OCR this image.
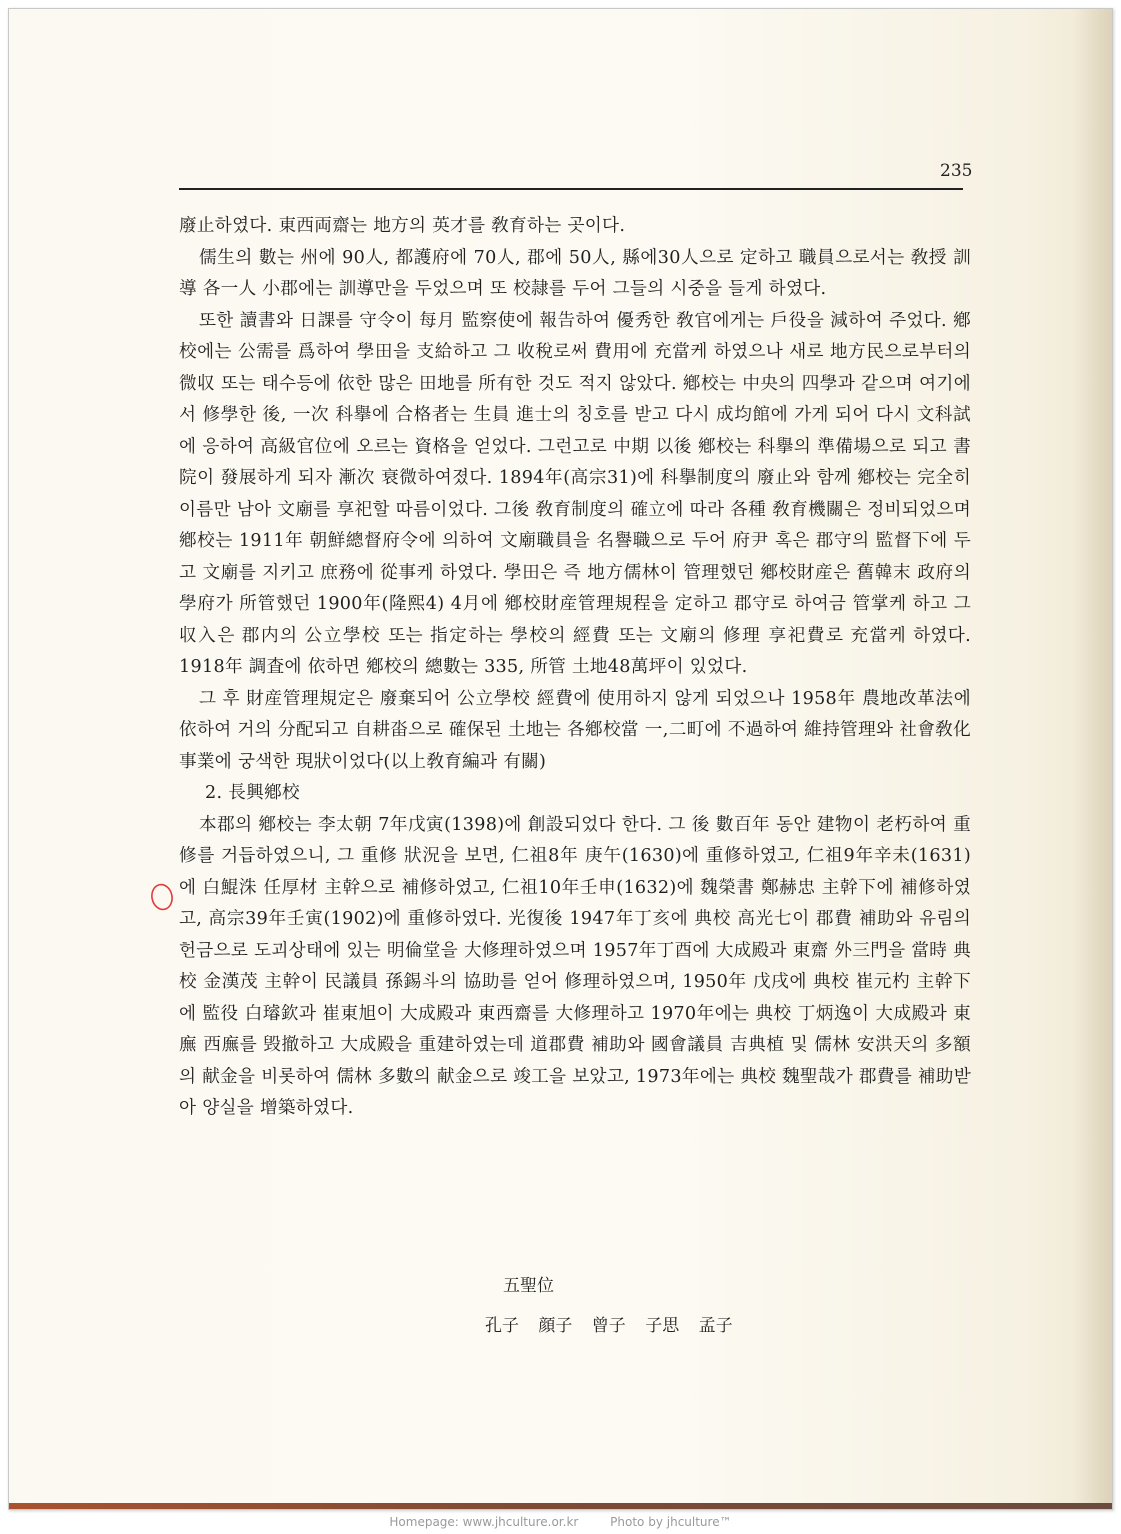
235

廢止하였다. 東西両齋는 地方의 英才를 敎育하는 곳이다.

儒生의 數는 州에 90人, 都護府에 70人, 郡에 50人, 縣에30人으로 定하고 職員으로서는 敎授 訓導 各一人 小郡에는 訓導만을 두었으며 또 校隷를 두어 그들의 시중을 들게 하였다.

또한 讀書와 日課를 守令이 每月 監察使에 報告하여 優秀한 敎官에게는 戶役을 減하여 주었다. 鄕校에는 公需를 爲하여 學田을 支給하고 그 收稅로써 費用에 充當케 하였으나 새로 地方民으로부터의 微収 또는 태수등에 依한 많은 田地를 所有한 것도 적지 않았다. 鄕校는 中央의 四學과 같으며 여기에서 修學한 後, 一次 科擧에 合格者는 生員 進士의 칭호를 받고 다시 成均館에 가게 되어 다시 文科試에 응하여 高級官位에 오르는 資格을 얻었다. 그런고로 中期 以後 鄕校는 科擧의 準備場으로 되고 書院이 發展하게 되자 漸次 衰微하여졌다. 1894年(高宗31)에 科擧制度의 廢止와 함께 鄕校는 完全히 이름만 남아 文廟를 享祀할 따름이었다. 그後 敎育制度의 確立에 따라 各種 敎育機關은 정비되었으며 鄕校는 1911年 朝鮮總督府令에 의하여 文廟職員을 名譽職으로 두어 府尹 혹은 郡守의 監督下에 두고 文廟를 지키고 庶務에 從事케 하였다. 學田은 즉 地方儒林이 管理했던 鄕校財産은 舊韓末 政府의 學府가 所管했던 1900年(隆熙4) 4月에 鄕校財産管理規程을 定하고 郡守로 하여금 管掌케 하고 그 収入은 郡内의 公立學校 또는 指定하는 學校의 經費 또는 文廟의 修理 享祀費로 充當케 하였다. 1918年 調査에 依하면 鄕校의 總數는 335, 所管 土地48萬坪이 있었다.

그 후 財産管理規定은 廢棄되어 公立學校 經費에 使用하지 않게 되었으나 1958年 農地改革法에 依하여 거의 分配되고 自耕畓으로 確保된 土地는 各鄕校當 一,二町에 不過하여 維持管理와 社會敎化事業에 궁색한 現狀이었다(以上敎育編과 有關)

2. 長興鄕校

本郡의 鄕校는 李太朝 7年戊寅(1398)에 創設되었다 한다. 그 後 數百年 동안 建物이 老朽하여 重修를 거듭하였으니, 그 重修 狀況을 보면, 仁祖8年 庚午(1630)에 重修하였고, 仁祖9年辛未(1631)에 白鯤洙 任厚材 主幹으로 補修하였고, 仁祖10年壬申(1632)에 魏榮書 鄭赫忠 主幹下에 補修하였고, 高宗39年壬寅(1902)에 重修하였다. 光復後 1947年丁亥에 典校 高光七이 郡費 補助와 유림의 헌금으로 도괴상태에 있는 明倫堂을 大修理하였으며 1957年丁酉에 大成殿과 東齋 外三門을 當時 典校 金漢茂 主幹이 民議員 孫錫斗의 協助를 얻어 修理하였으며, 1950年 戊戌에 典校 崔元杓 主幹下에 監役 白璿欽과 崔東旭이 大成殿과 東西齋를 大修理하고 1970年에는 典校 丁炳逸이 大成殿과 東廡 西廡를 毁撤하고 大成殿을 重建하였는데 道郡費 補助와 國會議員 吉典植 및 儒林 安洪天의 多額의 献金을 비롯하여 儒林 多數의 献金으로 竣工을 보았고, 1973年에는 典校 魏聖哉가 郡費를 補助받아 양실을 增築하였다.

五聖位
孔子 顔子 曾子 子思 孟子
Homepage: www.jhculture.or.kr	Photo by jhculture™
